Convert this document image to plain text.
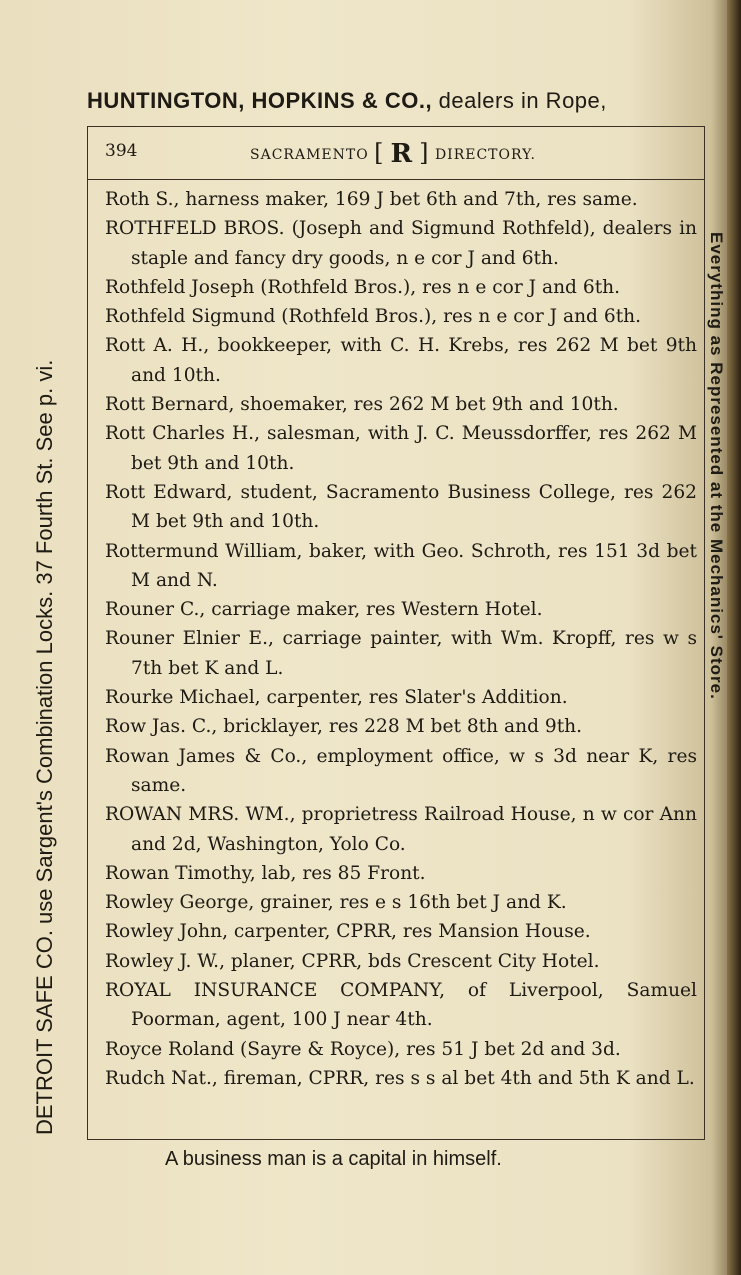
HUNTINGTON, HOPKINS & CO., dealers in Rope,
DETROIT SAFE CO. use Sargent's Combination Locks. 37 Fourth St. See p. vi.	Everything as Represented at the Mechanics' Store.
394	SACRAMENTO [ R ] DIRECTORY.
Roth S., harness maker, 169 J bet 6th and 7th, res same.
ROTHFELD BROS. (Joseph and Sigmund Rothfeld), dealers in staple and fancy dry goods, n e cor J and 6th.
Rothfeld Joseph (Rothfeld Bros.), res n e cor J and 6th.
Rothfeld Sigmund (Rothfeld Bros.), res n e cor J and 6th.
Rott A. H., bookkeeper, with C. H. Krebs, res 262 M bet 9th and 10th.
Rott Bernard, shoemaker, res 262 M bet 9th and 10th.
Rott Charles H., salesman, with J. C. Meussdorffer, res 262 M bet 9th and 10th.
Rott Edward, student, Sacramento Business College, res 262 M bet 9th and 10th.
Rottermund William, baker, with Geo. Schroth, res 151 3d bet M and N.
Rouner C., carriage maker, res Western Hotel.
Rouner Elnier E., carriage painter, with Wm. Kropff, res w s 7th bet K and L.
Rourke Michael, carpenter, res Slater's Addition.
Row Jas. C., bricklayer, res 228 M bet 8th and 9th.
Rowan James & Co., employment office, w s 3d near K, res same.
ROWAN MRS. WM., proprietress Railroad House, n w cor Ann and 2d, Washington, Yolo Co.
Rowan Timothy, lab, res 85 Front.
Rowley George, grainer, res e s 16th bet J and K.
Rowley John, carpenter, CPRR, res Mansion House.
Rowley J. W., planer, CPRR, bds Crescent City Hotel.
ROYAL INSURANCE COMPANY, of Liverpool, Samuel Poorman, agent, 100 J near 4th.
Royce Roland (Sayre & Royce), res 51 J bet 2d and 3d.
Rudch Nat., fireman, CPRR, res s s al bet 4th and 5th K and L.
A business man is a capital in himself.
